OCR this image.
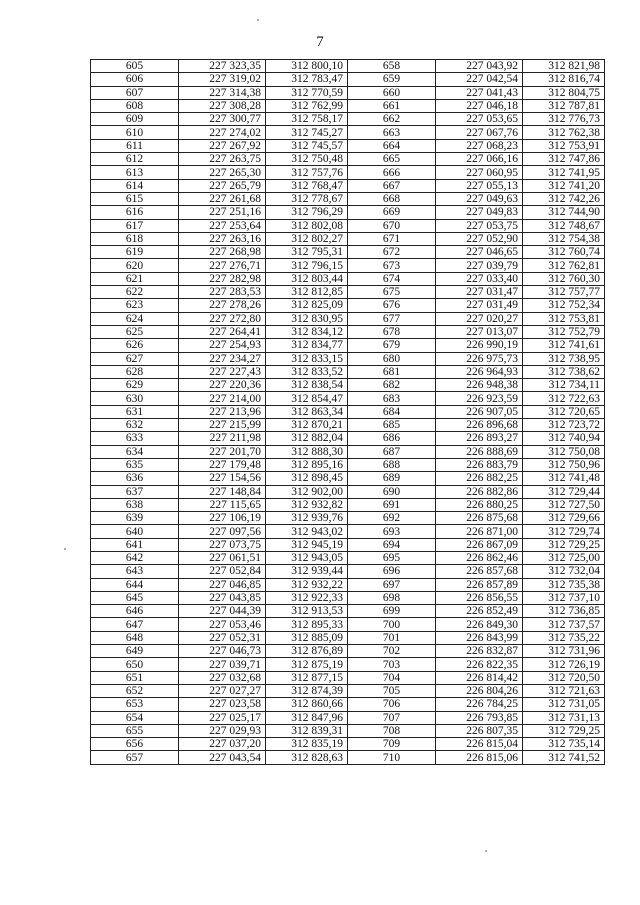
7
605	227 323,35	312 800,10	658	227 043,92	312 821,98
606	227 319,02	312 783,47	659	227 042,54	312 816,74
607	227 314,38	312 770,59	660	227 041,43	312 804,75
608	227 308,28	312 762,99	661	227 046,18	312 787,81
609	227 300,77	312 758,17	662	227 053,65	312 776,73
610	227 274,02	312 745,27	663	227 067,76	312 762,38
611	227 267,92	312 745,57	664	227 068,23	312 753,91
612	227 263,75	312 750,48	665	227 066,16	312 747,86
613	227 265,30	312 757,76	666	227 060,95	312 741,95
614	227 265,79	312 768,47	667	227 055,13	312 741,20
615	227 261,68	312 778,67	668	227 049,63	312 742,26
616	227 251,16	312 796,29	669	227 049,83	312 744,90
617	227 253,64	312 802,08	670	227 053,75	312 748,67
618	227 263,16	312 802,27	671	227 052,90	312 754,38
619	227 268,98	312 795,31	672	227 046,65	312 760,74
620	227 276,71	312 796,15	673	227 039,79	312 762,81
621	227 282,98	312 803,44	674	227 033,40	312 760,30
622	227 283,53	312 812,85	675	227 031,47	312 757,77
623	227 278,26	312 825,09	676	227 031,49	312 752,34
624	227 272,80	312 830,95	677	227 020,27	312 753,81
625	227 264,41	312 834,12	678	227 013,07	312 752,79
626	227 254,93	312 834,77	679	226 990,19	312 741,61
627	227 234,27	312 833,15	680	226 975,73	312 738,95
628	227 227,43	312 833,52	681	226 964,93	312 738,62
629	227 220,36	312 838,54	682	226 948,38	312 734,11
630	227 214,00	312 854,47	683	226 923,59	312 722,63
631	227 213,96	312 863,34	684	226 907,05	312 720,65
632	227 215,99	312 870,21	685	226 896,68	312 723,72
633	227 211,98	312 882,04	686	226 893,27	312 740,94
634	227 201,70	312 888,30	687	226 888,69	312 750,08
635	227 179,48	312 895,16	688	226 883,79	312 750,96
636	227 154,56	312 898,45	689	226 882,25	312 741,48
637	227 148,84	312 902,00	690	226 882,86	312 729,44
638	227 115,65	312 932,82	691	226 880,25	312 727,50
639	227 106,19	312 939,76	692	226 875,68	312 729,66
640	227 097,56	312 943,02	693	226 871,00	312 729,74
641	227 073,75	312 945,19	694	226 867,09	312 729,25
642	227 061,51	312 943,05	695	226 862,46	312 725,00
643	227 052,84	312 939,44	696	226 857,68	312 732,04
644	227 046,85	312 932,22	697	226 857,89	312 735,38
645	227 043,85	312 922,33	698	226 856,55	312 737,10
646	227 044,39	312 913,53	699	226 852,49	312 736,85
647	227 053,46	312 895,33	700	226 849,30	312 737,57
648	227 052,31	312 885,09	701	226 843,99	312 735,22
649	227 046,73	312 876,89	702	226 832,87	312 731,96
650	227 039,71	312 875,19	703	226 822,35	312 726,19
651	227 032,68	312 877,15	704	226 814,42	312 720,50
652	227 027,27	312 874,39	705	226 804,26	312 721,63
653	227 023,58	312 860,66	706	226 784,25	312 731,05
654	227 025,17	312 847,96	707	226 793,85	312 731,13
655	227 029,93	312 839,31	708	226 807,35	312 729,25
656	227 037,20	312 835,19	709	226 815,04	312 735,14
657	227 043,54	312 828,63	710	226 815,06	312 741,52
